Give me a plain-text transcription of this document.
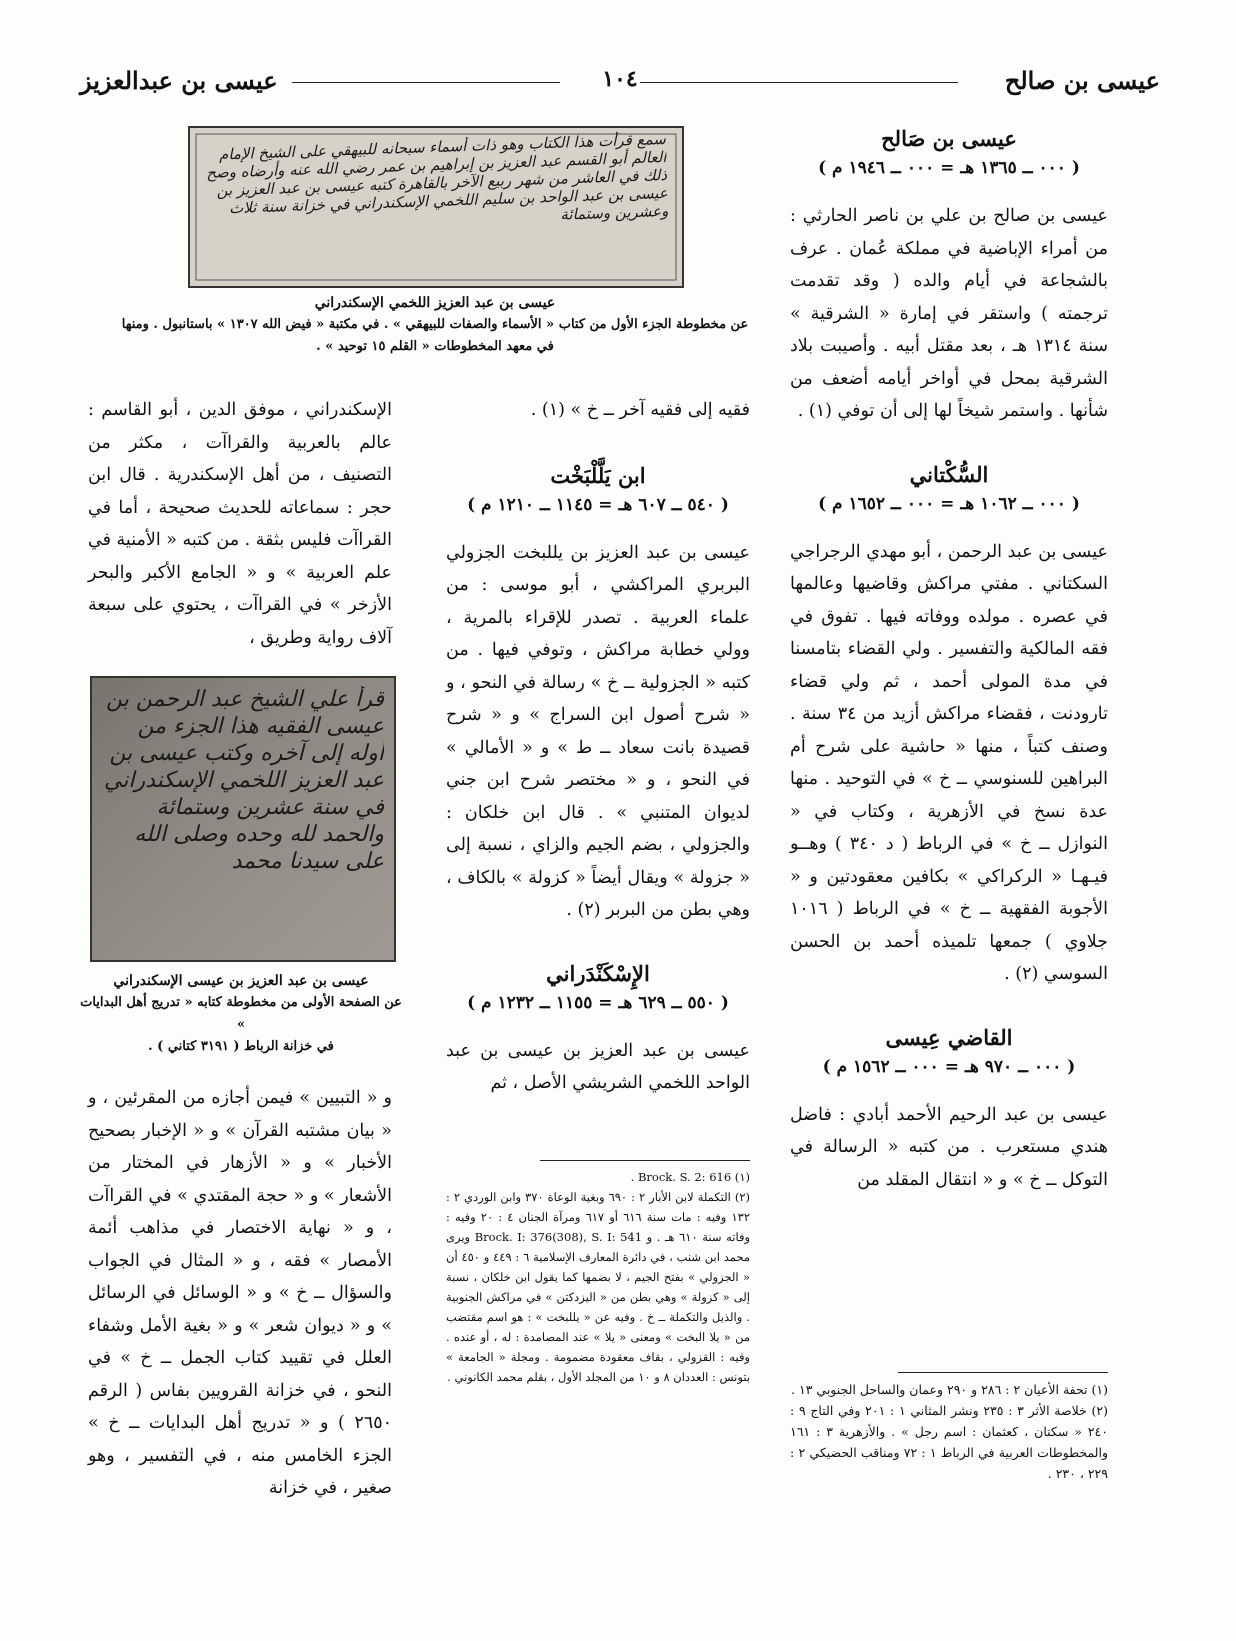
عيسى بن صالح
١٠٤
عيسى بن عبدالعزيز
عيسى بن صَالح
( ٠٠٠ ــ ١٣٦٥ هـ = ٠٠٠ ــ ١٩٤٦ م )

عيسى بن صالح بن علي بن ناصر الحارثي : من أمراء الإباضية في مملكة عُمان . عرف بالشجاعة في أيام والده ( وقد تقدمت ترجمته ) واستقر في إمارة « الشرقية » سنة ١٣١٤ هـ ، بعد مقتل أبيه . وأصيبت بلاد الشرقية بمحل في أواخر أيامه أضعف من شأنها . واستمر شيخاً لها إلى أن توفي (١) .

السُّكْتاني
( ٠٠٠ ــ ١٠٦٢ هـ = ٠٠٠ ــ ١٦٥٢ م )

عيسى بن عبد الرحمن ، أبو مهدي الرجراجي السكتاني . مفتي مراكش وقاضيها وعالمها في عصره . مولده ووفاته فيها . تفوق في فقه المالكية والتفسير . ولي القضاء بتامسنا في مدة المولى أحمد ، ثم ولي قضاء تارودنت ، فقضاء مراكش أزيد من ٣٤ سنة . وصنف كتباً ، منها « حاشية على شرح أم البراهين للسنوسي ــ خ » في التوحيد . منها عدة نسخ في الأزهرية ، وكتاب في « النوازل ــ خ » في الرباط ( د ٣٤٠ ) وهــو فيـهـا « الركراكي » بكافين معقودتين و « الأجوبة الفقهية ــ خ » في الرباط ( ١٠١٦ جلاوي ) جمعها تلميذه أحمد بن الحسن السوسي (٢) .

القاضي عِيسى
( ٠٠٠ ــ ٩٧٠ هـ = ٠٠٠ ــ ١٥٦٢ م )

عيسى بن عبد الرحيم الأحمد أبادي : فاضل هندي مستعرب . من كتبه « الرسالة في التوكل ــ خ » و « انتقال المقلد من

(١) تحفة الأعيان ٢ : ٢٨٦ و ٢٩٠ وعمان والساحل الجنوبي ١٣ .

(٢) خلاصة الأثر ٣ : ٢٣٥ ونشر المثاني ١ : ٢٠١ وفي التاج ٩ : ٢٤٠ « سكتان ، كعثمان : اسم رجل » . والأزهرية ٣ : ١٦١ والمخطوطات العربية في الرباط ١ : ٧٢ ومناقب الحضيكي ٢ : ٢٢٩ ، ٢٣٠ .

سمع قرأت هذا الكتاب وهو ذات أسماء سبحانه للبيهقي على الشيخ الإمام العالم أبو القسم عبد العزيز بن إبراهيم بن عمر رضي الله عنه وأرضاه وصح ذلك في العاشر من شهر ربيع الآخر بالقاهرة كتبه عيسى بن عبد العزيز بن عيسى بن عبد الواحد بن سليم اللخمي الإسكندراني في خزانة سنة ثلاث وعشرين وستمائة
عيسى بن عبد العزيز اللخمي الإسكندراني
عن مخطوطة الجزء الأول من كتاب « الأسماء والصفات للبيهقي » . في مكتبة « فيض الله ١٣٠٧ » باستانبول . ومنها
في معهد المخطوطات « القلم ١٥ توحيد » .

فقيه إلى فقيه آخر ــ خ » (١) .

ابن يَلَّلْبَخْت
( ٥٤٠ ــ ٦٠٧ هـ = ١١٤٥ ــ ١٢١٠ م )

عيسى بن عبد العزيز بن يللبخت الجزولي البربري المراكشي ، أبو موسى : من علماء العربية . تصدر للإقراء بالمرية ، وولي خطابة مراكش ، وتوفي فيها . من كتبه « الجزولية ــ خ » رسالة في النحو ، و « شرح أصول ابن السراج » و « شرح قصيدة بانت سعاد ــ ط » و « الأمالي » في النحو ، و « مختصر شرح ابن جني لديوان المتنبي » . قال ابن خلكان : والجزولي ، بضم الجيم والزاي ، نسبة إلى « جزولة » ويقال أيضاً « كزولة » بالكاف ، وهي بطن من البربر (٢) .

الإِسْكَنْدَراني
( ٥٥٠ ــ ٦٢٩ هـ = ١١٥٥ ــ ١٢٣٢ م )

عيسى بن عبد العزيز بن عيسى بن عبد الواحد اللخمي الشريشي الأصل ، ثم

(١) Brock. S. 2: 616 .

(٢) التكملة لابن الأبار ٢ : ٦٩٠ وبغية الوعاة ٣٧٠ وابن الوردي ٢ : ١٣٢ وفيه : مات سنة ٦١٦ أو ٦١٧ ومرآة الجنان ٤ : ٢٠ وفيه : وفاته سنة ٦١٠ هـ . و Brock. I: 376(308), S. I: 541 ويرى محمد ابن شنب ، في دائرة المعارف الإسلامية ٦ : ٤٤٩ و ٤٥٠ أن « الجزولي » بفتح الجيم ، لا بضمها كما يقول ابن خلكان ، نسبة إلى « كزولة » وهي بطن من « اليزدكتن » في مراكش الجنوبية . والذيل والتكملة ــ خ . وفيه عن « يللبخت » : هو اسم مقتضب من « يلا البخت » ومعنى « يلا » عند المصامدة : له ، أو عنده . وفيه : القزولي ، بقاف معقودة مضمومة . ومجلة « الجامعة » بتونس : العددان ٨ و ١٠ من المجلد الأول ، بقلم محمد الكانوني .

الإسكندراني ، موفق الدين ، أبو القاسم : عالم بالعربية والقراآت ، مكثر من التصنيف ، من أهل الإسكندرية . قال ابن حجر : سماعاته للحديث صحيحة ، أما في القراآت فليس بثقة . من كتبه « الأمنية في علم العربية » و « الجامع الأكبر والبحر الأزخر » في القراآت ، يحتوي على سبعة آلاف رواية وطريق ،

قرأ علي الشيخ عبد الرحمن بن عيسى الفقيه هذا الجزء من أوله إلى آخره وكتب عيسى بن عبد العزيز اللخمي الإسكندراني في سنة عشرين وستمائة والحمد لله وحده وصلى الله على سيدنا محمد
عيسى بن عبد العزيز بن عيسى الإسكندراني
عن الصفحة الأولى من مخطوطة كتابه « تدريج أهل البدايات »
في خزانة الرباط ( ٣١٩١ كتاني ) .

و « التبيين » فيمن أجازه من المقرئين ، و « بيان مشتبه القرآن » و « الإخبار بصحيح الأخبار » و « الأزهار في المختار من الأشعار » و « حجة المقتدي » في القراآت ، و « نهاية الاختصار في مذاهب أئمة الأمصار » فقه ، و « المثال في الجواب والسؤال ــ خ » و « الوسائل في الرسائل » و « ديوان شعر » و « بغية الأمل وشفاء العلل في تقييد كتاب الجمل ــ خ » في النحو ، في خزانة القرويين بفاس ( الرقم ٢٦٥٠ ) و « تدريج أهل البدايات ــ خ » الجزء الخامس منه ، في التفسير ، وهو صغير ، في خزانة
